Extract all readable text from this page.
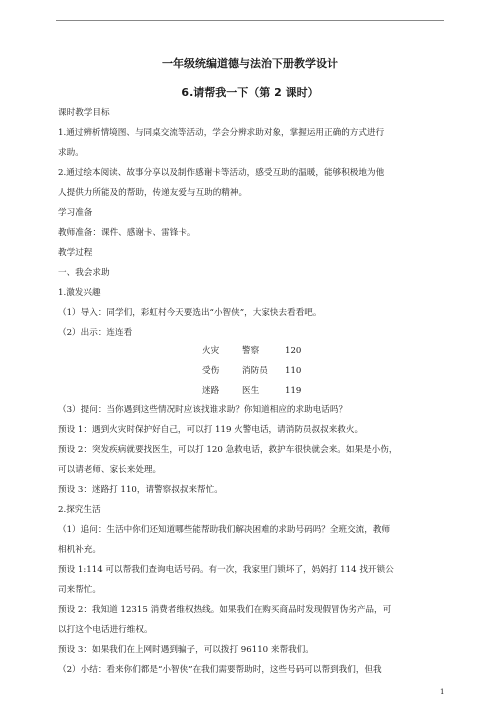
一年级统编道德与法治下册教学设计
6.请帮我一下（第 2 课时）
课时教学目标
1.通过辨析情境图、与同桌交流等活动，学会分辨求助对象，掌握运用正确的方式进行
求助。
2.通过绘本阅读、故事分享以及制作感谢卡等活动，感受互助的温暖，能够积极地为他
人提供力所能及的帮助，传递友爱与互助的精神。
学习准备
教师准备：课件、感谢卡、雷锋卡。
教学过程
一、我会求助
1.激发兴趣
（1）导入：同学们，彩虹村今天要选出“小智侠”，大家快去看看吧。
（2）出示：连连看
火灾	警察	120
受伤	消防员 110
迷路	医生	119
（3）提问：当你遇到这些情况时应该找谁求助？你知道相应的求助电话吗？
预设 1：遇到火灾时保护好自己，可以打 119 火警电话，请消防员叔叔来救火。
预设 2：突发疾病就要找医生，可以打 120 急救电话，救护车很快就会来。如果是小伤，
可以请老师、家长来处理。
预设 3：迷路打 110，请警察叔叔来帮忙。
2.探究生活
（1）追问：生活中你们还知道哪些能帮助我们解决困难的求助号码吗？全班交流，教师
相机补充。
预设 1:114 可以帮我们查询电话号码。有一次，我家里门锁坏了，妈妈打 114 找开锁公
司来帮忙。
预设 2：我知道 12315 消费者维权热线。如果我们在购买商品时发现假冒伪劣产品，可
以打这个电话进行维权。
预设 3：如果我们在上网时遇到骗子，可以拨打 96110 来帮我们。
（2）小结：看来你们都是“小智侠”在我们需要帮助时，这些号码可以帮到我们，但我
1
